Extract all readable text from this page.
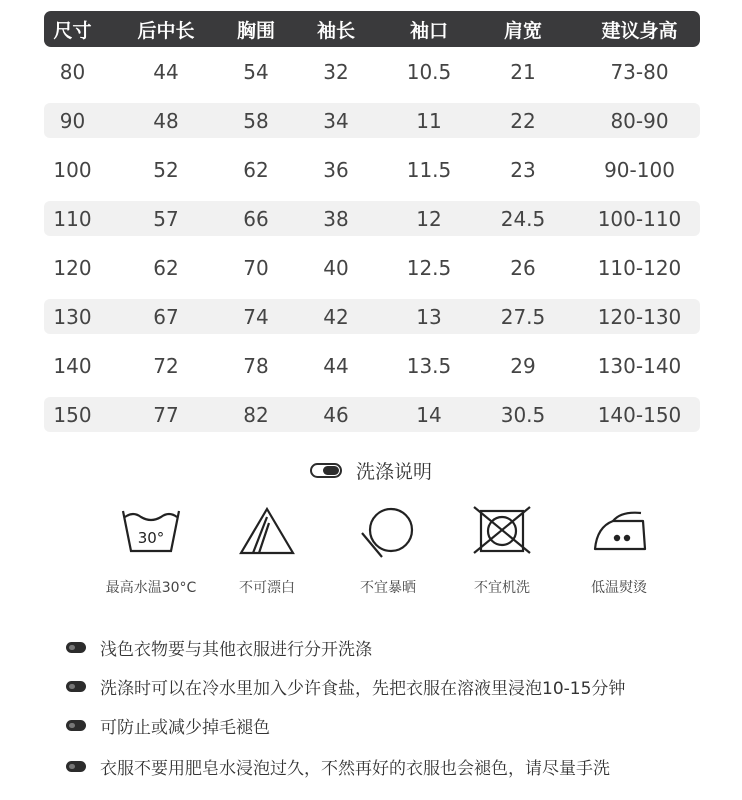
尺寸	后中长	胸围	袖长	袖口	肩宽	建议身高
80	44	54	32	10.5	21	73-80
90	48	58	34	11	22	80-90
100	52	62	36	11.5	23	90-100
110	57	66	38	12	24.5	100-110
120	62	70	40	12.5	26	110-120
130	67	74	42	13	27.5	120-130
140	72	78	44	13.5	29	130-140
150	77	82	46	14	30.5	140-150
洗涤说明
30°
最高水温30°C	不可漂白	不宜暴晒	不宜机洗	低温熨烫
浅色衣物要与其他衣服进行分开洗涤
洗涤时可以在冷水里加入少许食盐，先把衣服在溶液里浸泡10-15分钟
可防止或减少掉毛褪色
衣服不要用肥皂水浸泡过久，不然再好的衣服也会褪色，请尽量手洗
